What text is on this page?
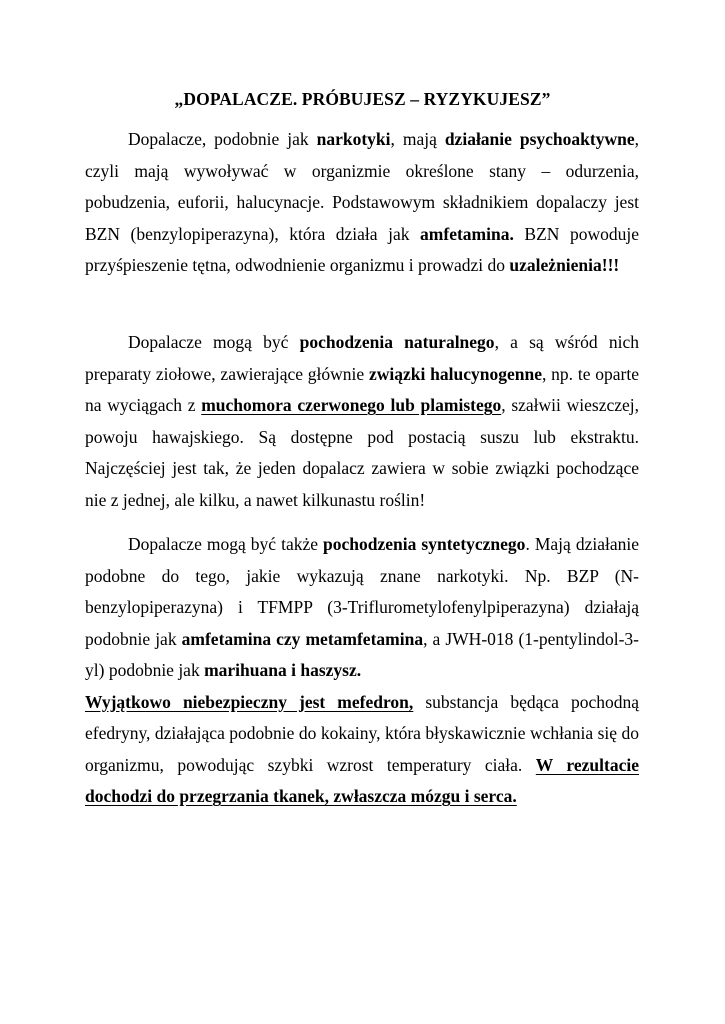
„DOPALACZE. PRÓBUJESZ – RYZYKUJESZ”
Dopalacze, podobnie jak narkotyki, mają działanie psychoaktywne, czyli mają wywoływać w organizmie określone stany – odurzenia, pobudzenia, euforii, halucynacje. Podstawowym składnikiem dopalaczy jest BZN (benzylopiperazyna), która działa jak amfetamina. BZN powoduje przyśpieszenie tętna, odwodnienie organizmu i prowadzi do uzależnienia!!!
Dopalacze mogą być pochodzenia naturalnego, a są wśród nich preparaty ziołowe, zawierające głównie związki halucynogenne, np. te oparte na wyciągach z muchomora czerwonego lub plamistego, szałwii wieszczej, powoju hawajskiego. Są dostępne pod postacią suszu lub ekstraktu. Najczęściej jest tak, że jeden dopalacz zawiera w sobie związki pochodzące nie z jednej, ale kilku, a nawet kilkunastu roślin!
Dopalacze mogą być także pochodzenia syntetycznego. Mają działanie podobne do tego, jakie wykazują znane narkotyki. Np. BZP (N-benzylopiperazyna) i TFMPP (3-Triflurometylofenylpiperazyna) działają podobnie jak amfetamina czy metamfetamina, a JWH-018 (1-pentylindol-3-yl) podobnie jak marihuana i haszysz.
Wyjątkowo niebezpieczny jest mefedron, substancja będąca pochodną efedryny, działająca podobnie do kokainy, która błyskawicznie wchłania się do organizmu, powodując szybki wzrost temperatury ciała. W rezultacie dochodzi do przegrzania tkanek, zwłaszcza mózgu i serca.
